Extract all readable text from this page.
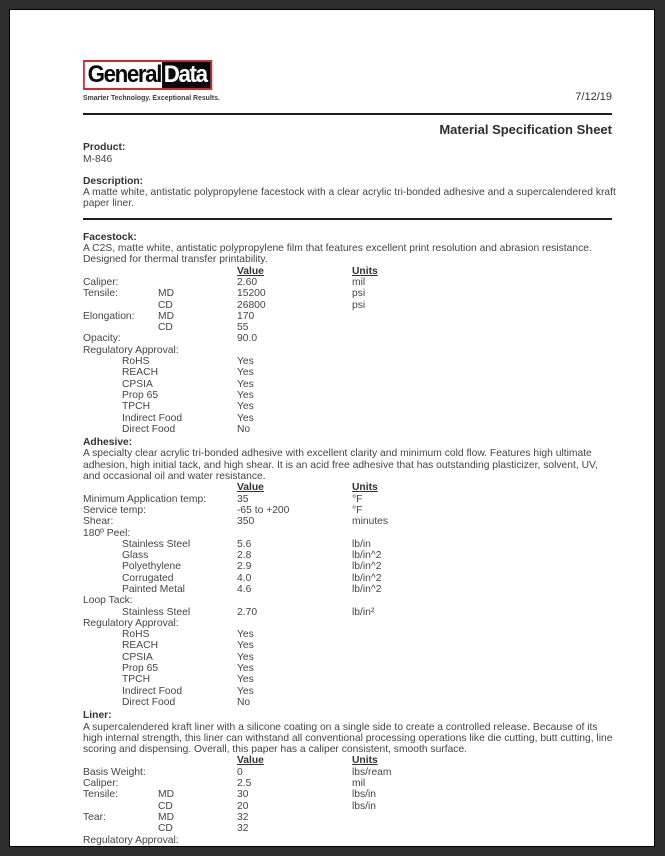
General Data
Smarter Technology. Exceptional Results.	7/12/19
Material Specification Sheet
Product:
M-846
Description:
A matte white, antistatic polypropylene facestock with a clear acrylic tri-bonded adhesive and a supercalendered kraft
paper liner.
Facestock:
A C2S, matte white, antistatic polypropylene film that features excellent print resolution and abrasion resistance.
Designed for thermal transfer printability.
Value	Units
Caliper:	2.60	mil
Tensile:	MD	15200	psi

CD	26800	psi
Elongation:	MD	170

CD	55
Opacity:	90.0
Regulatory Approval:
RoHS	Yes
REACH	Yes
CPSIA	Yes
Prop 65	Yes
TPCH	Yes
Indirect Food	Yes
Direct Food	No
Adhesive:
A specialty clear acrylic tri-bonded adhesive with excellent clarity and minimum cold flow. Features high ultimate
adhesion, high initial tack, and high shear. It is an acid free adhesive that has outstanding plasticizer, solvent, UV,
and occasional oil and water resistance.
Value	Units
Minimum Application temp:	35	°F
Service temp:	-65 to +200	°F
Shear:	350	minutes
180º Peel:
Stainless Steel	5.6	lb/in
Glass	2.8	lb/in^2
Polyethylene	2.9	lb/in^2
Corrugated	4.0	lb/in^2
Painted Metal	4.6	lb/in^2
Loop Tack:
Stainless Steel	2.70	lb/in²
Regulatory Approval:
RoHS	Yes
REACH	Yes
CPSIA	Yes
Prop 65	Yes
TPCH	Yes
Indirect Food	Yes
Direct Food	No
Liner:
A supercalendered kraft liner with a silicone coating on a single side to create a controlled release. Because of its
high internal strength, this liner can withstand all conventional processing operations like die cutting, butt cutting, line
scoring and dispensing. Overall, this paper has a caliper consistent, smooth surface.
Value	Units
Basis Weight:	0	lbs/ream
Caliper:	2.5	mil
Tensile:	MD	30	lbs/in

CD	20	lbs/in
Tear:	MD	32

CD	32
Regulatory Approval:
